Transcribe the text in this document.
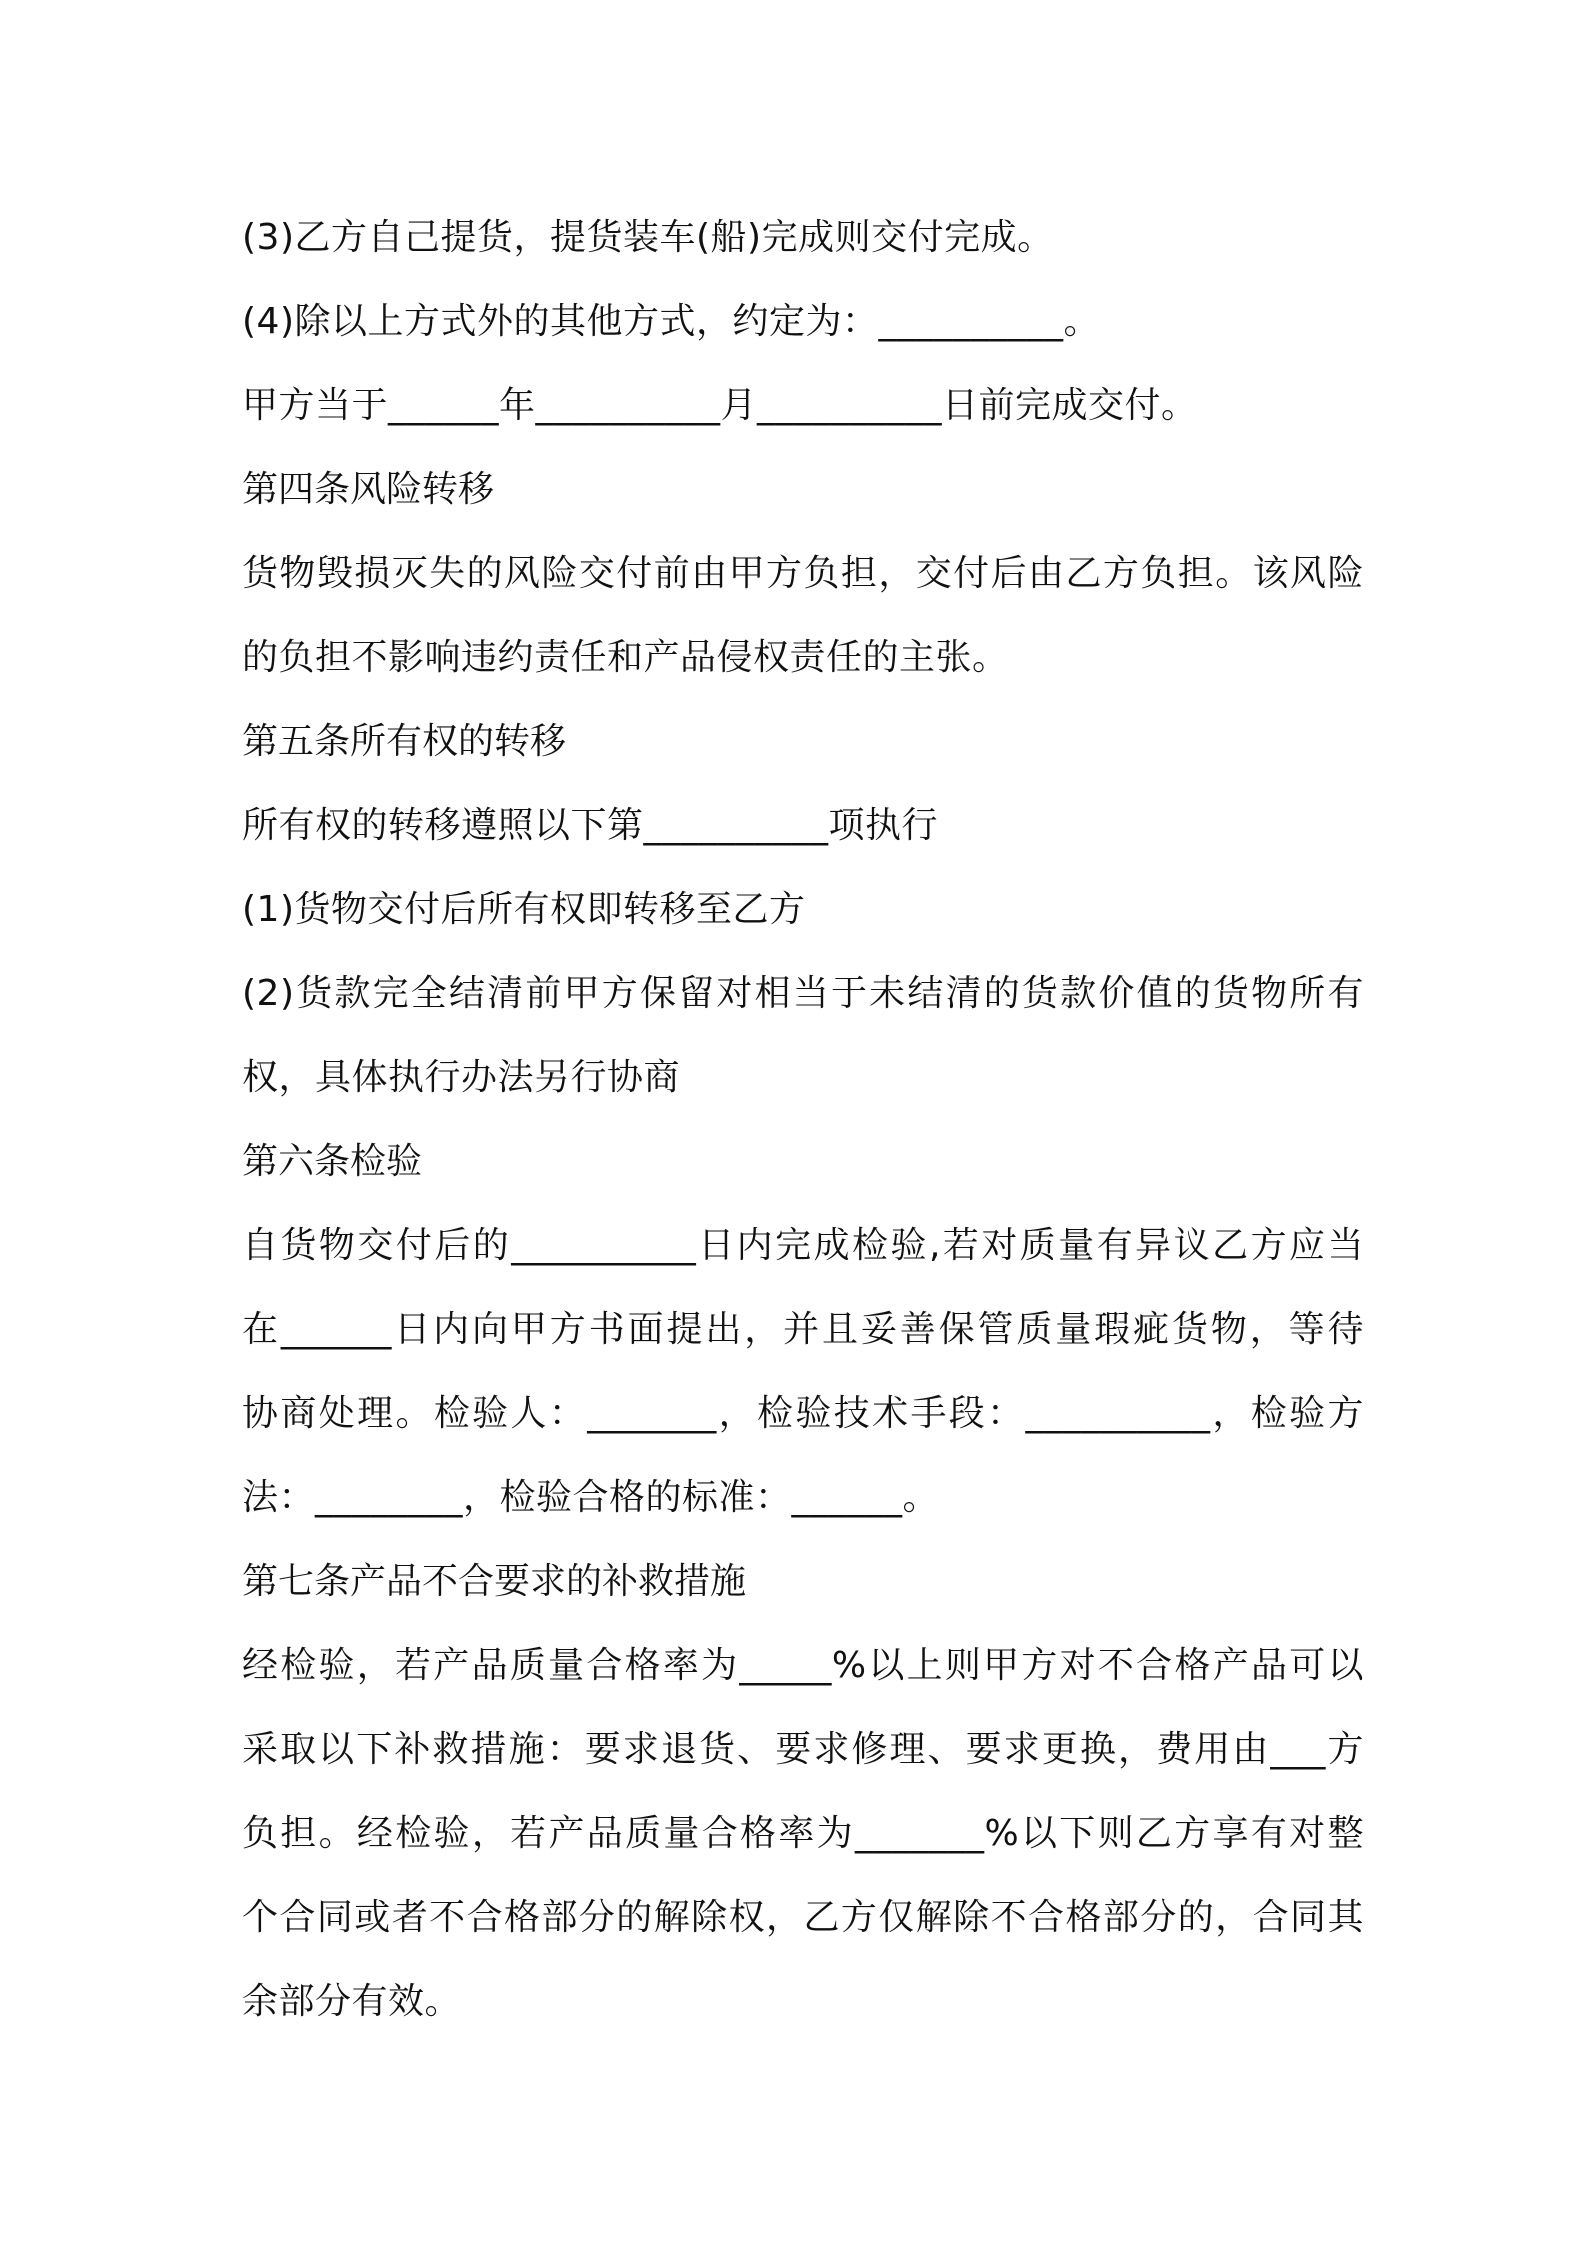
(3)乙方自己提货，提货装车(船)完成则交付完成。
(4)除以上方式外的其他方式，约定为：__________。
甲方当于______年__________月__________日前完成交付。
第四条风险转移
货物毁损灭失的风险交付前由甲方负担，交付后由乙方负担。该风险
的负担不影响违约责任和产品侵权责任的主张。
第五条所有权的转移
所有权的转移遵照以下第__________项执行
(1)货物交付后所有权即转移至乙方
(2)货款完全结清前甲方保留对相当于未结清的货款价值的货物所有
权，具体执行办法另行协商
第六条检验
自货物交付后的__________日内完成检验,若对质量有异议乙方应当
在______日内向甲方书面提出，并且妥善保管质量瑕疵货物，等待
协商处理。检验人：_______，检验技术手段：__________，检验方
法：________，检验合格的标准：______。
第七条产品不合要求的补救措施
经检验，若产品质量合格率为_____%以上则甲方对不合格产品可以
采取以下补救措施：要求退货、要求修理、要求更换，费用由___方
负担。经检验，若产品质量合格率为_______%以下则乙方享有对整
个合同或者不合格部分的解除权，乙方仅解除不合格部分的，合同其
余部分有效。
